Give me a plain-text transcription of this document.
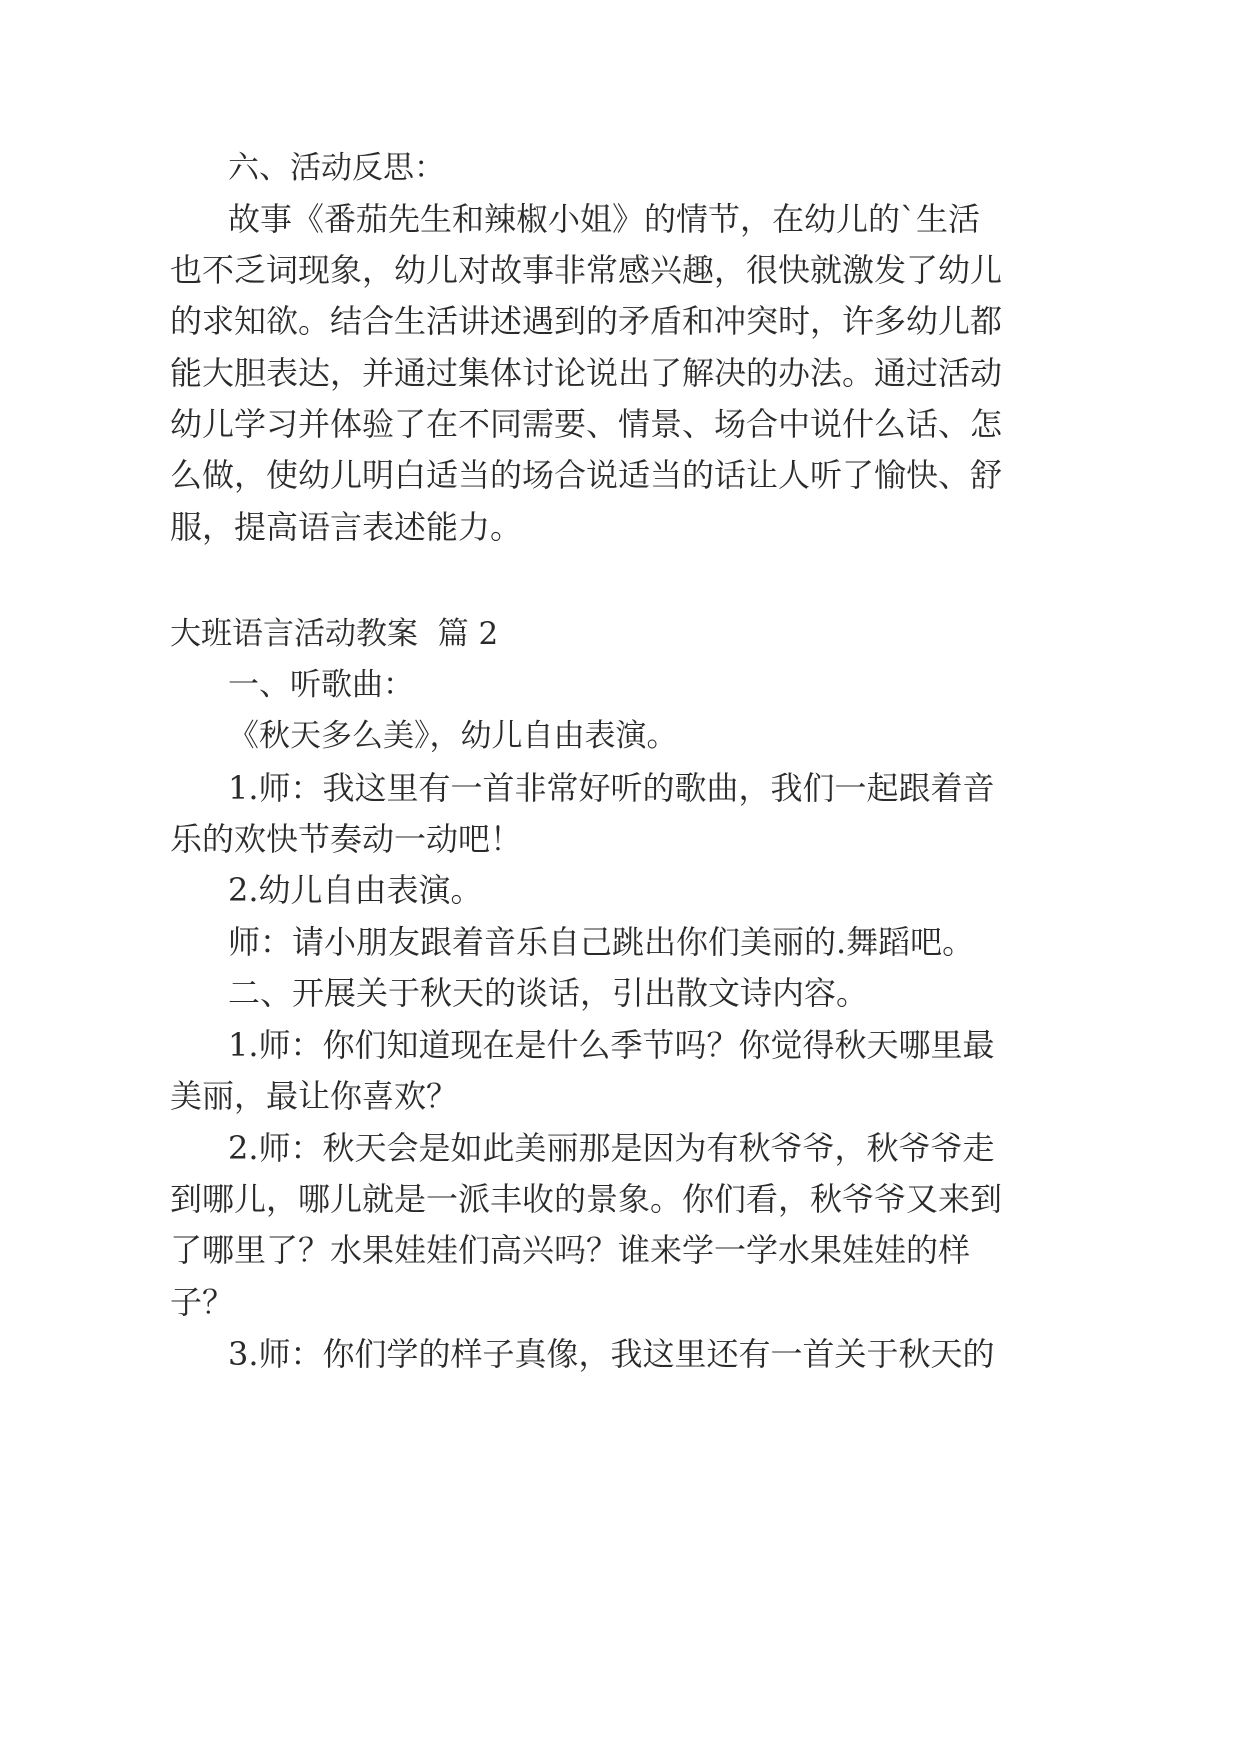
六、活动反思：
故事《番茄先生和辣椒小姐》的情节，在幼儿的`生活
也不乏词现象，幼儿对故事非常感兴趣，很快就激发了幼儿
的求知欲。结合生活讲述遇到的矛盾和冲突时，许多幼儿都
能大胆表达，并通过集体讨论说出了解决的办法。通过活动
幼儿学习并体验了在不同需要、情景、场合中说什么话、怎
么做，使幼儿明白适当的场合说适当的话让人听了愉快、舒
服，提高语言表述能力。
大班语言活动教案  篇 2
一、听歌曲：
《秋天多么美》，幼儿自由表演。
1.师：我这里有一首非常好听的歌曲，我们一起跟着音
乐的欢快节奏动一动吧！
2.幼儿自由表演。
师：请小朋友跟着音乐自己跳出你们美丽的.舞蹈吧。
二、开展关于秋天的谈话，引出散文诗内容。
1.师：你们知道现在是什么季节吗？你觉得秋天哪里最
美丽，最让你喜欢？
2.师：秋天会是如此美丽那是因为有秋爷爷，秋爷爷走
到哪儿，哪儿就是一派丰收的景象。你们看，秋爷爷又来到
了哪里了？水果娃娃们高兴吗？谁来学一学水果娃娃的样
子？
3.师：你们学的样子真像，我这里还有一首关于秋天的
